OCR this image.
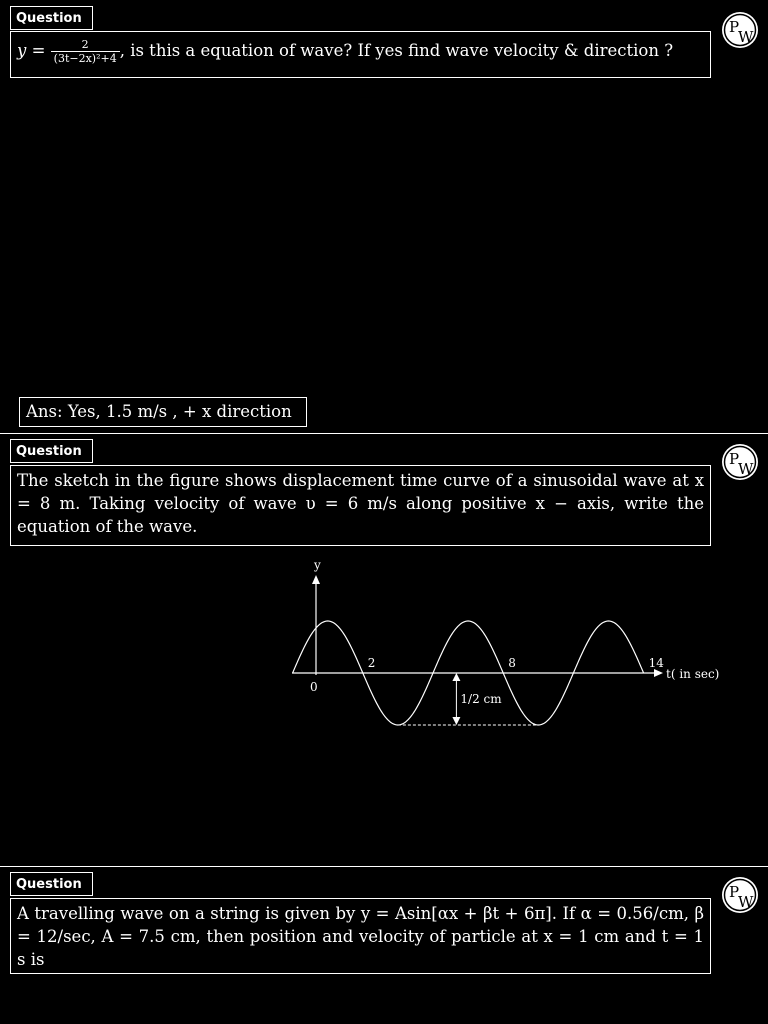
Question	P
W
$y = \frac{2}{\text{(3t−2x)²+4}}$ , is this a equation of wave? If yes find wave velocity & direction ?
Ans: Yes, 1.5 m/s , + x direction
Question	P
W
The sketch in the figure shows displacement time curve of a sinusoidal wave at x = 8 m. Taking velocity of wave υ = 6 m/s along positive x − axis, write the equation of the wave.
y
t( in sec)
0
2	8	14
1/2 cm
Question	P
W
A travelling wave on a string is given by y = Asin[αx + βt + 6π]. If α = 0.56/cm, β = 12/sec, A = 7.5 cm, then position and velocity of particle at x = 1 cm and t = 1 s is
